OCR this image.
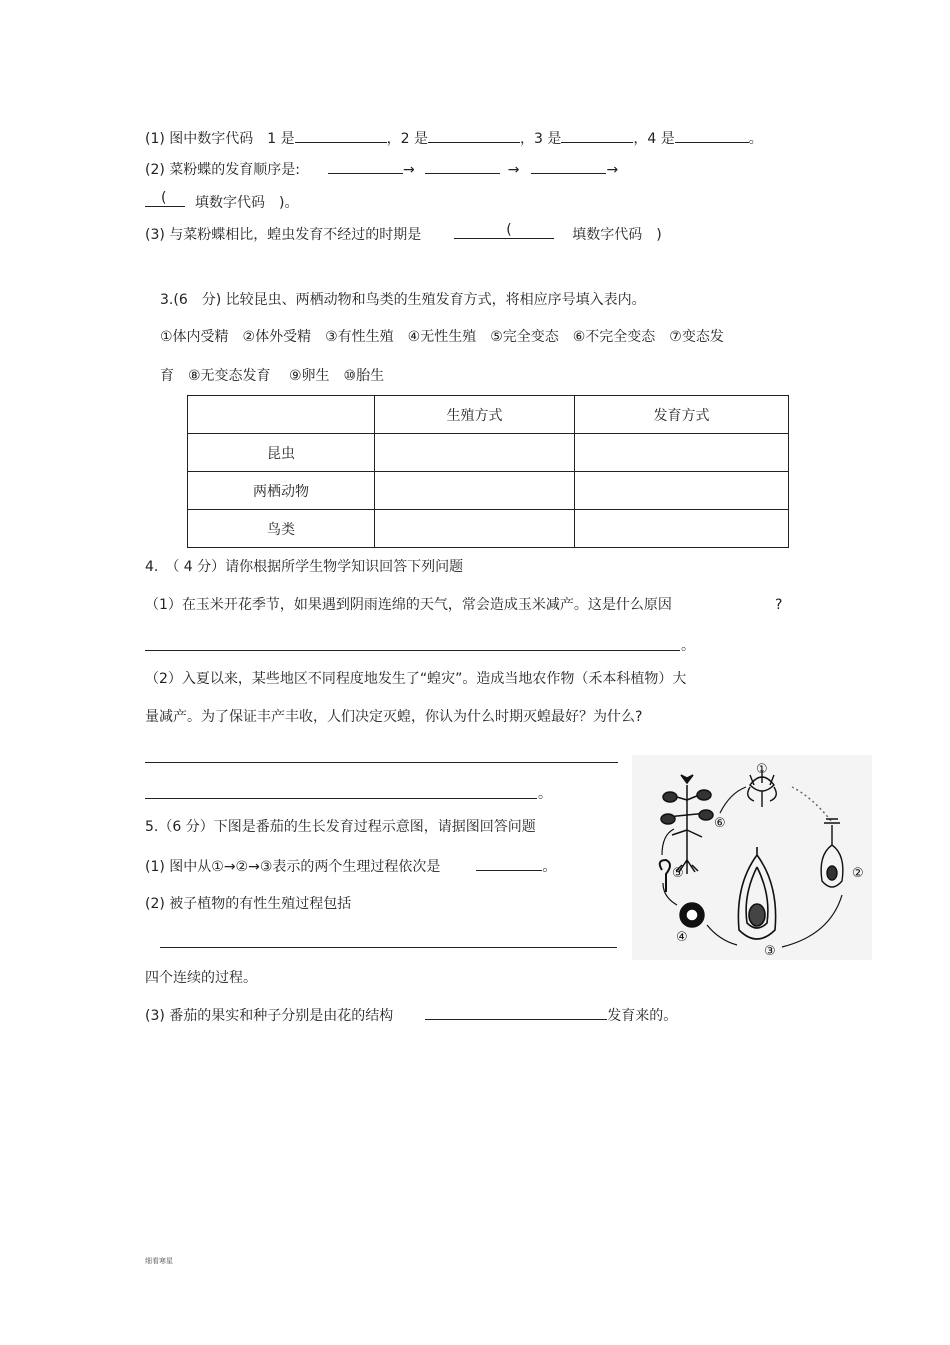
(1) 图中数字代码　1 是	，2 是	，3 是	，4 是	。
(2) 菜粉蝶的发育顺序是:	→	→	→
( 填数字代码　)。
(3) 与菜粉蝶相比，蝗虫发育不经过的时期是	(	填数字代码　)
3.(6　分) 比较昆虫、两栖动物和鸟类的生殖发育方式，将相应序号填入表内。
①体内受精　②体外受精　③有性生殖　④无性生殖　⑤完全变态　⑥不完全变态　⑦变态发
育　⑧无变态发育　 ⑨卵生　⑩胎生
	生殖方式	发育方式
昆虫		
两栖动物		
鸟类		
4.　（ 4 分）请你根据所学生物学知识回答下列问题
（1）在玉米开花季节，如果遇到阴雨连绵的天气，常会造成玉米减产。这是什么原因	?
。
（2）入夏以来，某些地区不同程度地发生了“蝗灾”。造成当地农作物（禾本科植物）大
量减产。为了保证丰产丰收，人们决定灭蝗，你认为什么时期灭蝗最好？为什么?
。
5.（6 分）下图是番茄的生长发育过程示意图，请据图回答问题
(1) 图中从①→②→③表示的两个生理过程依次是	。
(2) 被子植物的有性生殖过程包括
四个连续的过程。
(3) 番茄的果实和种子分别是由花的结构	发育来的。
①
②
③
④
⑤
⑥
细看寒星
